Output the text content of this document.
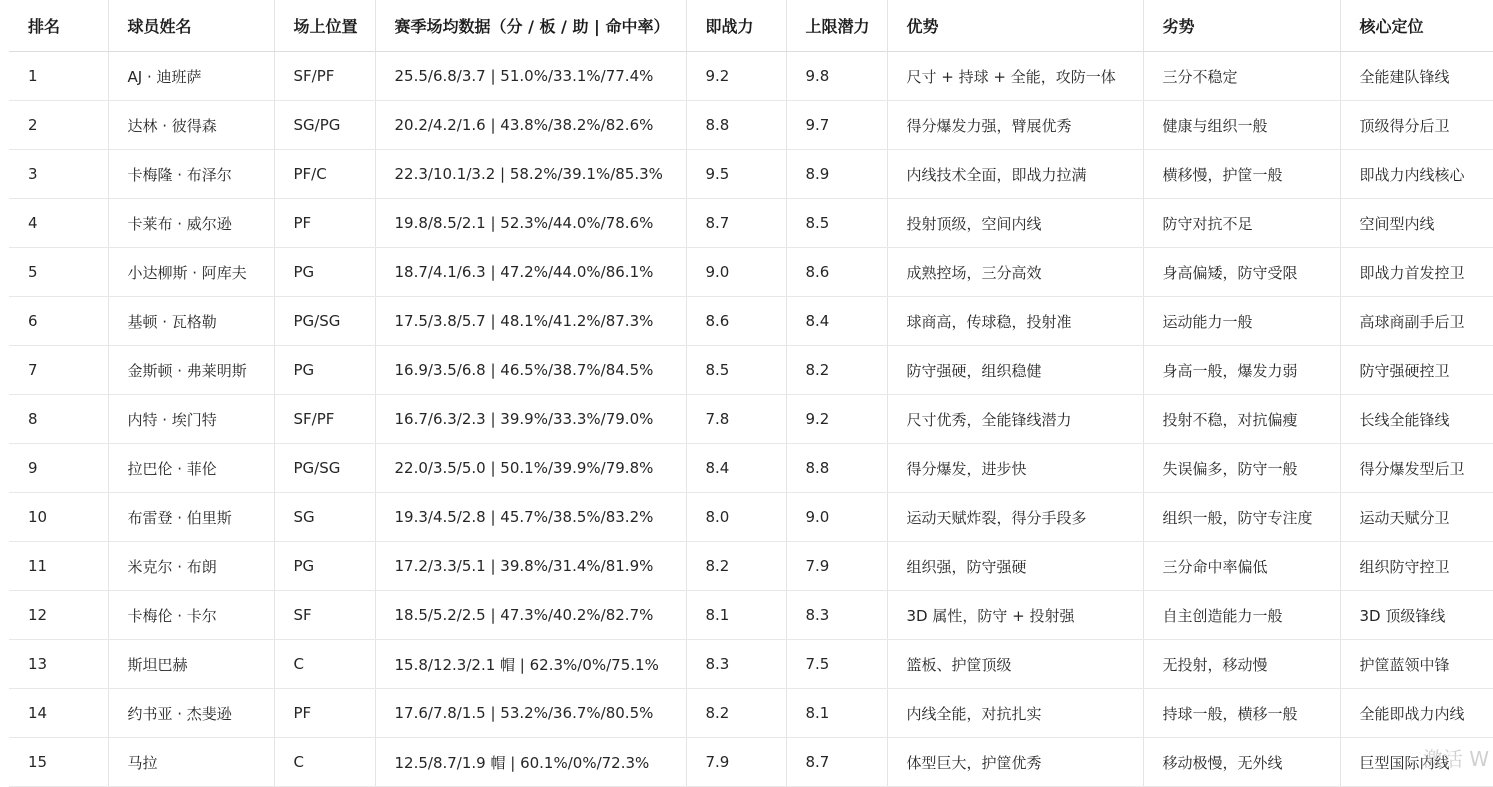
排名	球员姓名	场上位置	赛季场均数据（分 / 板 / 助 | 命中率）	即战力	上限潜力	优势	劣势	核心定位
1	AJ · 迪班萨	SF/PF	25.5/6.8/3.7 | 51.0%/33.1%/77.4%	9.2	9.8	尺寸 + 持球 + 全能，攻防一体	三分不稳定	全能建队锋线
2	达林 · 彼得森	SG/PG	20.2/4.2/1.6 | 43.8%/38.2%/82.6%	8.8	9.7	得分爆发力强，臂展优秀	健康与组织一般	顶级得分后卫
3	卡梅隆 · 布泽尔	PF/C	22.3/10.1/3.2 | 58.2%/39.1%/85.3%	9.5	8.9	内线技术全面，即战力拉满	横移慢，护筐一般	即战力内线核心
4	卡莱布 · 威尔逊	PF	19.8/8.5/2.1 | 52.3%/44.0%/78.6%	8.7	8.5	投射顶级，空间内线	防守对抗不足	空间型内线
5	小达柳斯 · 阿库夫	PG	18.7/4.1/6.3 | 47.2%/44.0%/86.1%	9.0	8.6	成熟控场，三分高效	身高偏矮，防守受限	即战力首发控卫
6	基顿 · 瓦格勒	PG/SG	17.5/3.8/5.7 | 48.1%/41.2%/87.3%	8.6	8.4	球商高，传球稳，投射准	运动能力一般	高球商副手后卫
7	金斯顿 · 弗莱明斯	PG	16.9/3.5/6.8 | 46.5%/38.7%/84.5%	8.5	8.2	防守强硬，组织稳健	身高一般，爆发力弱	防守强硬控卫
8	内特 · 埃门特	SF/PF	16.7/6.3/2.3 | 39.9%/33.3%/79.0%	7.8	9.2	尺寸优秀，全能锋线潜力	投射不稳，对抗偏瘦	长线全能锋线
9	拉巴伦 · 菲伦	PG/SG	22.0/3.5/5.0 | 50.1%/39.9%/79.8%	8.4	8.8	得分爆发，进步快	失误偏多，防守一般	得分爆发型后卫
10	布雷登 · 伯里斯	SG	19.3/4.5/2.8 | 45.7%/38.5%/83.2%	8.0	9.0	运动天赋炸裂，得分手段多	组织一般，防守专注度	运动天赋分卫
11	米克尔 · 布朗	PG	17.2/3.3/5.1 | 39.8%/31.4%/81.9%	8.2	7.9	组织强，防守强硬	三分命中率偏低	组织防守控卫
12	卡梅伦 · 卡尔	SF	18.5/5.2/2.5 | 47.3%/40.2%/82.7%	8.1	8.3	3D 属性，防守 + 投射强	自主创造能力一般	3D 顶级锋线
13	斯坦巴赫	C	15.8/12.3/2.1 帽 | 62.3%/0%/75.1%	8.3	7.5	篮板、护筐顶级	无投射，移动慢	护筐蓝领中锋
14	约书亚 · 杰斐逊	PF	17.6/7.8/1.5 | 53.2%/36.7%/80.5%	8.2	8.1	内线全能，对抗扎实	持球一般，横移一般	全能即战力内线
15	马拉	C	12.5/8.7/1.9 帽 | 60.1%/0%/72.3%	7.9	8.7	体型巨大，护筐优秀	移动极慢，无外线	巨型国际内线
激活 W
